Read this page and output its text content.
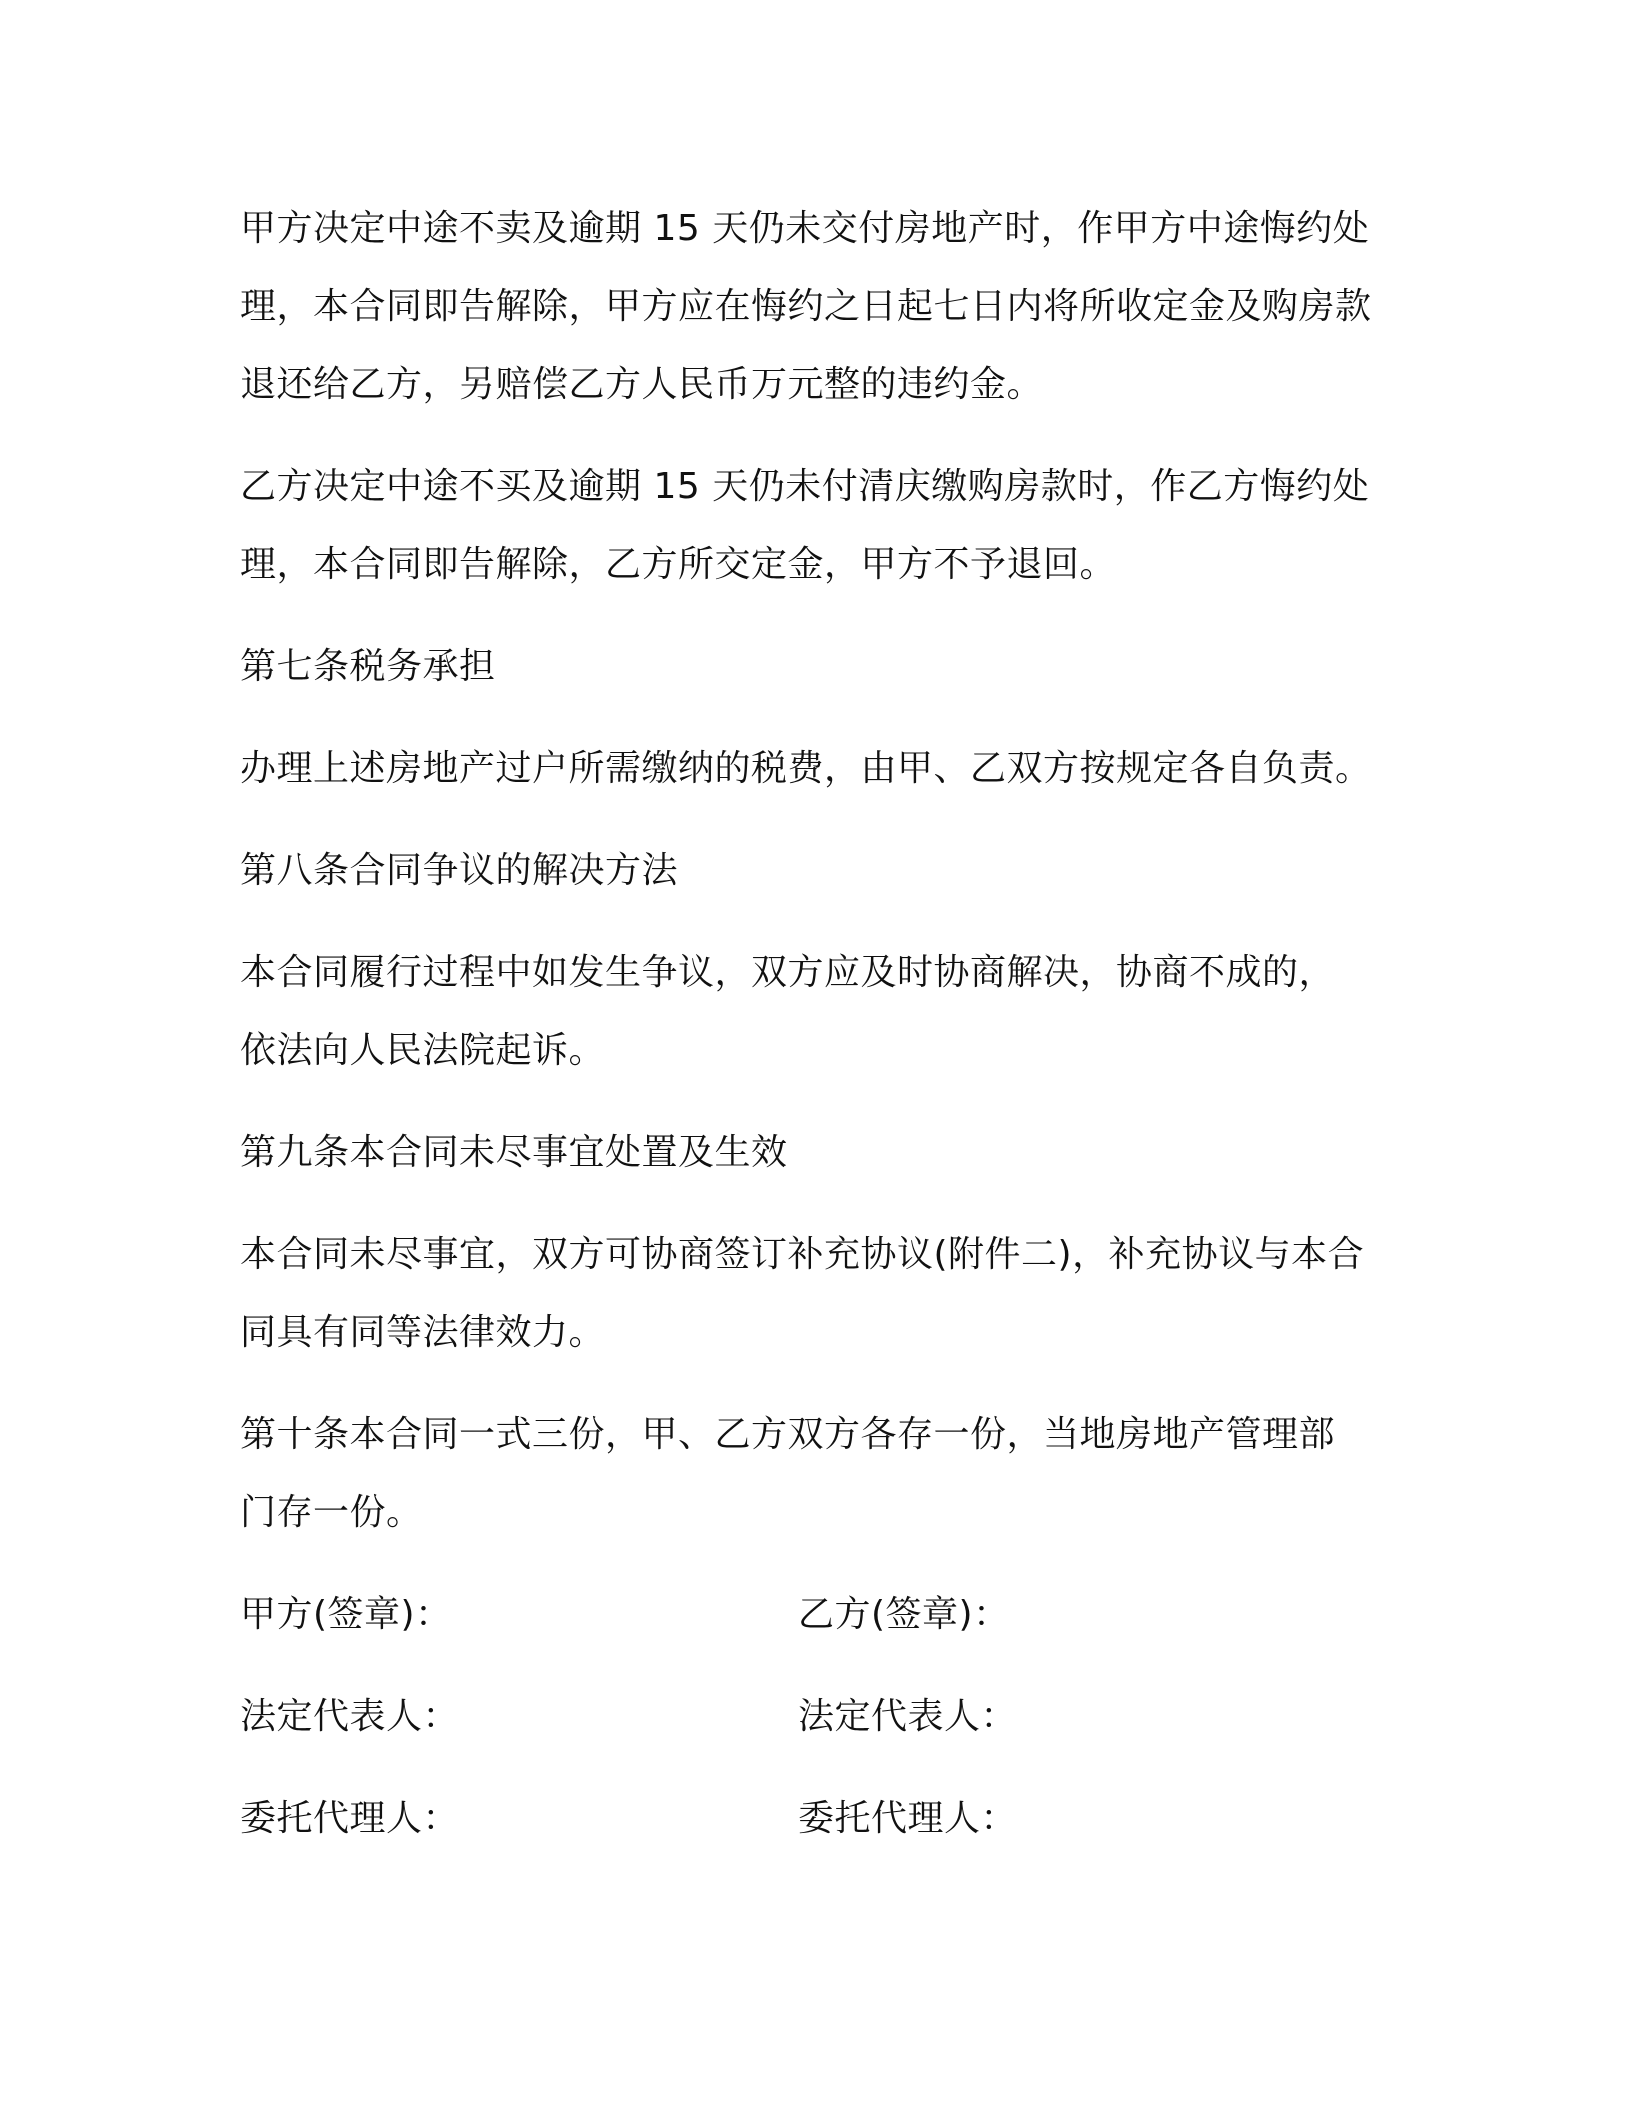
甲方决定中途不卖及逾期 15 天仍未交付房地产时，作甲方中途悔约处理，本合同即告解除，甲方应在悔约之日起七日内将所收定金及购房款退还给乙方，另赔偿乙方人民币万元整的违约金。

乙方决定中途不买及逾期 15 天仍未付清庆缴购房款时，作乙方悔约处理，本合同即告解除，乙方所交定金，甲方不予退回。

第七条税务承担

办理上述房地产过户所需缴纳的税费，由甲、乙双方按规定各自负责。

第八条合同争议的解决方法

本合同履行过程中如发生争议，双方应及时协商解决，协商不成的，依法向人民法院起诉。

第九条本合同未尽事宜处置及生效

本合同未尽事宜，双方可协商签订补充协议(附件二)，补充协议与本合同具有同等法律效力。

第十条本合同一式三份，甲、乙方双方各存一份，当地房地产管理部门存一份。

甲方(签章)：	乙方(签章)：
法定代表人：	法定代表人：
委托代理人：	委托代理人：
